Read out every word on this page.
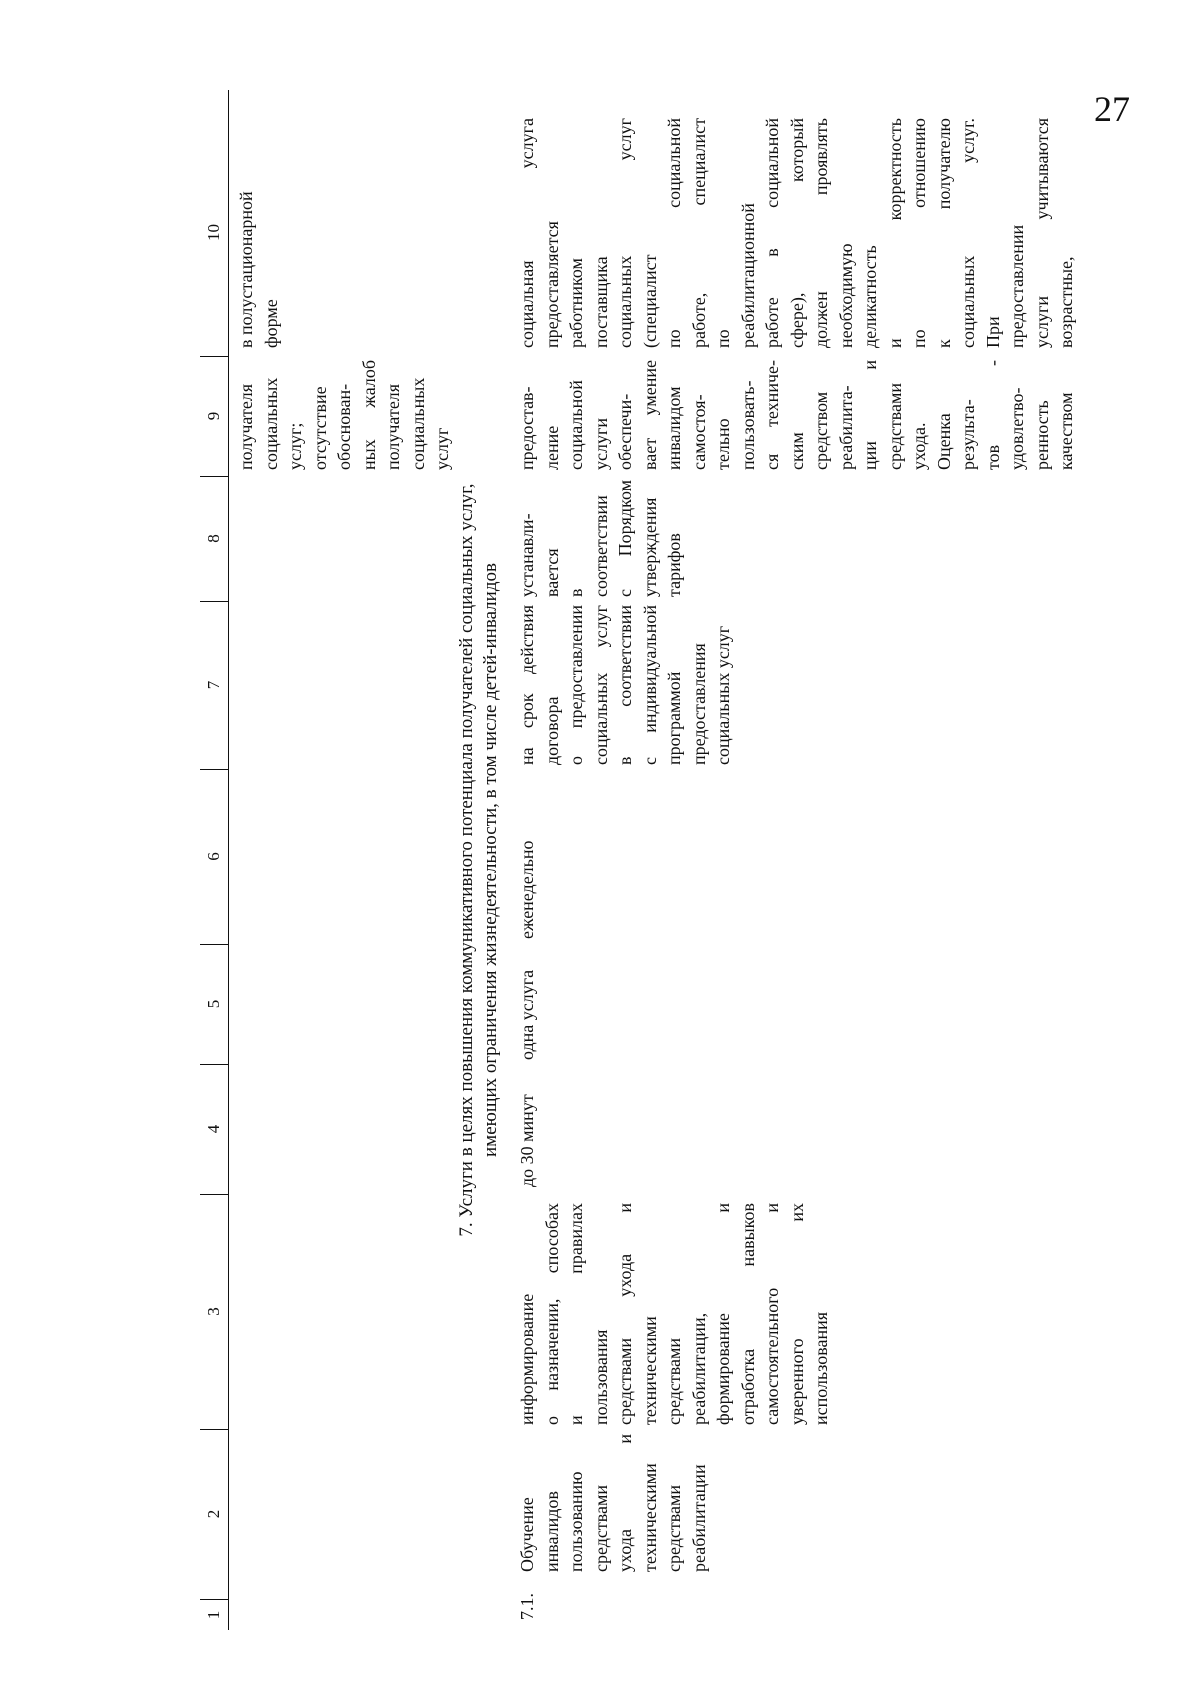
27
1
2
3
4
5
6
7
8
9
10
получателя социальных услуг; отсутствие обоснован- ных жалоб получателя социальных услуг
в полустационарной форме
7. Услуги в целях повышения коммуникативного потенциала получателей социальных услуг, имеющих ограничения жизнедеятельности, в том числе детей-инвалидов
7.1.
Обучение инвалидов пользованию средствами ухода и техническими средствами реабилитации
информирование о назначении, способах и правилах пользования средствами ухода и техническими средствами реабилитации, формирование и отработка навыков самостоятельного и уверенного их использования
до 30 минут
одна услуга
еженедельно
на срок действия договора о предоставлении социальных услуг в соответствии с индивидуальной программой предоставления социальных услуг
устанавли- вается в соответствии с Порядком утверждения тарифов
предостав- ление социальной услуги обеспечи- вает умение инвалидом самостоя- тельно пользовать- ся техниче- ским средством реабилита- ции и средствами ухода. Оценка результа- тов - удовлетво- ренность качеством
социальная услуга предоставляется работником поставщика социальных услуг (специалист по социальной работе, специалист по реабилитационной работе в социальной сфере), который должен проявлять необходимую деликатность и корректность по отношению к получателю социальных услуг. При предоставлении услуги учитываются возрастные,
